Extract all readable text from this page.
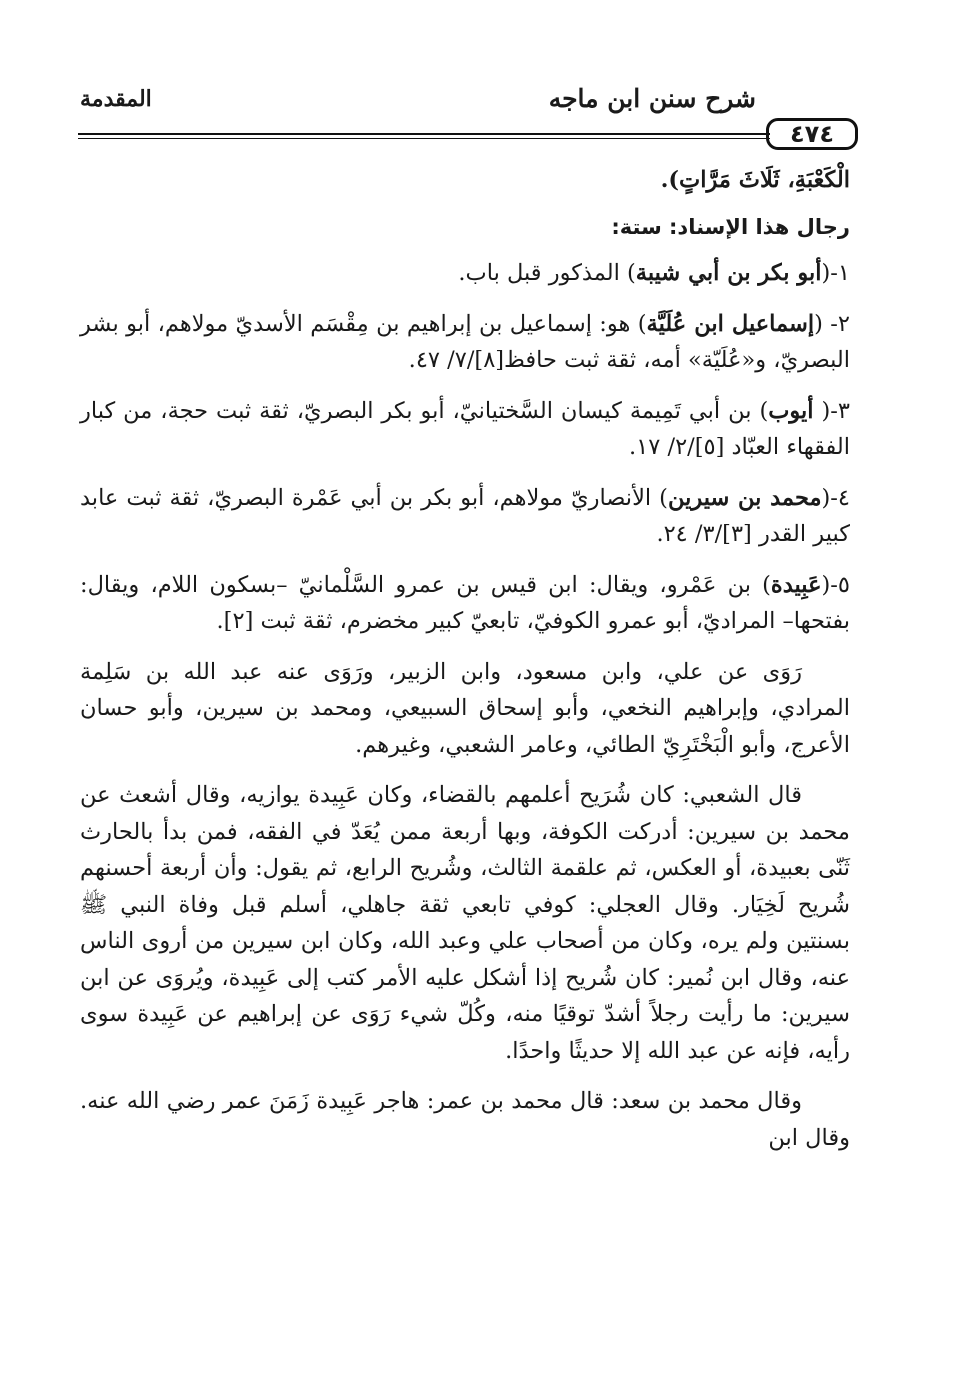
٤٧٤
شرح سنن ابن ماجه
المقدمة

الْكَعْبَةِ، ثَلَاثَ مَرَّاتٍ).

رجال هذا الإسناد: ستة:

١-(أبو بكر بن أبي شيبة) المذكور قبل باب.

٢- (إسماعيل ابن عُلَيَّة) هو: إسماعيل بن إبراهيم بن مِقْسَم الأسديّ مولاهم، أبو بشر البصريّ، و«عُلَيّة» أمه، ثقة ثبت حافظ[٨]/٧/ ٤٧.

٣-( أيوب) بن أبي تَمِيمة كيسان السَّختيانيّ، أبو بكر البصريّ، ثقة ثبت حجة، من كبار الفقهاء العبّاد [٥]/٢/ ١٧.

٤-(محمد بن سيرين) الأنصاريّ مولاهم، أبو بكر بن أبي عَمْرة البصريّ، ثقة ثبت عابد كبير القدر [٣]/٣/ ٢٤.

٥-(عَبِيدة) بن عَمْرو، ويقال: ابن قيس بن عمرو السَّلْمانيّ –بسكون اللام، ويقال: بفتحها– المراديّ، أبو عمرو الكوفيّ، تابعيّ كبير مخضرم، ثقة ثبت [٢].

رَوَى عن علي، وابن مسعود، وابن الزبير، ورَوَى عنه عبد الله بن سَلِمة المرادي، وإبراهيم النخعي، وأبو إسحاق السبيعي، ومحمد بن سيرين، وأبو حسان الأعرج، وأبو الْبَخْتَرِيّ الطائي، وعامر الشعبي، وغيرهم.

قال الشعبي: كان شُرَيح أعلمهم بالقضاء، وكان عَبِيدة يوازيه، وقال أشعث عن محمد بن سيرين: أدركت الكوفة، وبها أربعة ممن يُعَدّ في الفقه، فمن بدأ بالحارث ثَنّى بعبيدة، أو العكس، ثم علقمة الثالث، وشُريح الرابع، ثم يقول: وأن أربعة أحسنهم شُريح لَخِيَار. وقال العجلي: كوفي تابعي ثقة جاهلي، أسلم قبل وفاة النبي ﷺ بسنتين ولم يره، وكان من أصحاب علي وعبد الله، وكان ابن سيرين من أروى الناس عنه، وقال ابن نُمير: كان شُريح إذا أشكل عليه الأمر كتب إلى عَبِيدة، ويُروَى عن ابن سيرين: ما رأيت رجلاً أشدّ توقيًا منه، وكُلّ شيء رَوَى عن إبراهيم عن عَبِيدة سوى رأيه، فإنه عن عبد الله إلا حديثًا واحدًا.

وقال محمد بن سعد: قال محمد بن عمر: هاجر عَبِيدة زَمَنَ عمر رضي الله عنه. وقال ابن
